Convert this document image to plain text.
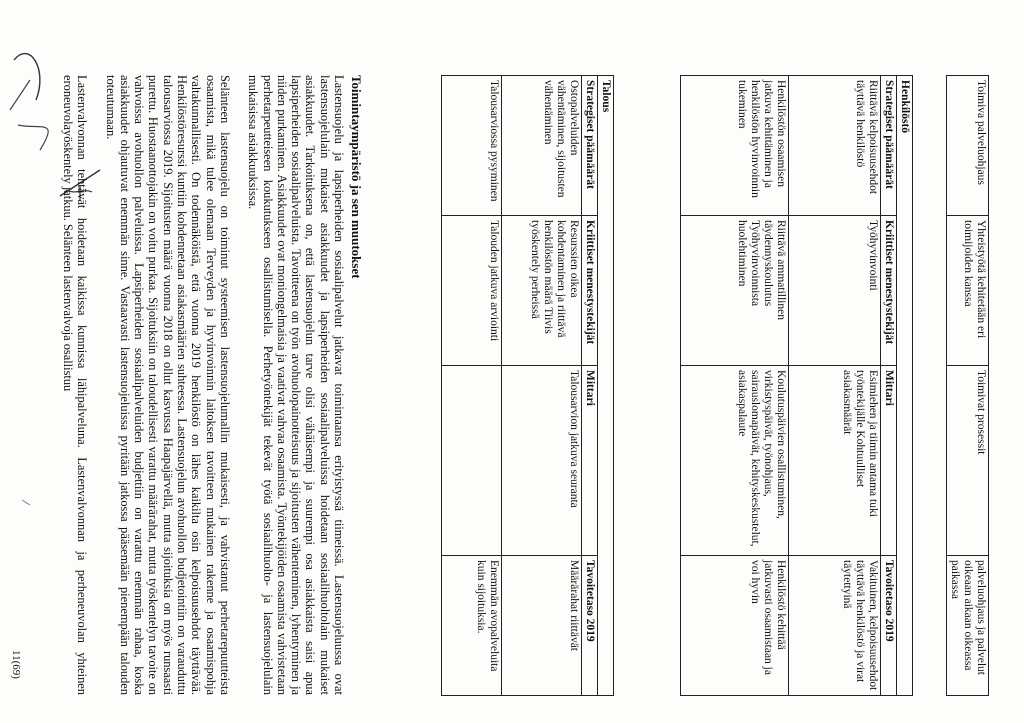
11(69)
Toimiva palveluohjaus	Yhteistyötä kehitetään eri toimijoiden kanssa	Toimivat prosessit	palveluohjaus ja palvelut oikeaan aikaan oikeassa paikassa
Henkilöstö			
Strategiset päämäärät	Kriittiset menestystekijät	Mittari	Tavoitetaso 2019
Riittävä kelpoisuusehdot täyttävä henkilöstö	Työhyvinvointi	Esimiehen ja tiimin antama tuki työntekijälle Kohtuulliset asiakasmäärät	Vakituinen, kelpoisuusehdot täyttävä henkilöstö ja virat täytettyinä
Henkilöstön osaamisen jatkuva kehittäminen ja henkilöstön hyvinvoinnin tukeminen	Riittävä ammatillinen täydennyskoulutus Työhyvinvoinnista huolehtiminen	Koulutuspäivien osallistuminen, virkistyspäivät, työnohjaus, sairauslomapäivät, kehityskeskustelut, asiakaspalaute	Henkilöstö kehittää jatkuvasti osaamistaan ja voi hyvin
Talous			
Strategiset päämäärät	Kriittiset menestystekijät	Mittari	Tavoitetaso 2019
Ostopalveluiden vähentäminen, sijoitusten vähentäminen	Resurssien oikea kohdentaminen ja riittävä henkilöstön määrä Tiivis työskentely perheissä	Talousarvion jatkuva seuranta	Määrärahat riittävät
Talousarviossa pysyminen	Talouden jatkuva arviointi		Enemmän avopalveluita kuin sijoituksia.
Toimintaympäristö ja sen muutokset

Lastensuojelu ja lapsiperheiden sosiaalipalvelut jatkavat toimintaansa erityistyssä tiimeissä. Lastensuojeluussa ovat lastensuojelulain mukaiset asiakkuudet ja lapsiperheiden sosiaalipalveluissa hoidetaan sosiaalihuoltolain mukaiset asiakkuudet. Tarkoituksena on, että lastensuojelun tarve olisi vähäisempi ja suurempi osa asiakkaista saisi apua lapsiperheiden sosiaalipalveluista. Tavoitteena on työn avohuolopainotteisuus ja sijoitusten vähenteminen, lyhentyminen ja niiden purkaminen. Asiakkuudet ovat moniongelmaisia ja vaativat vahvaa osaamista. Työntekijöiden osaamista vahvistetaan perhetarpeutteiseen koukutukseen osallistumisella. Perhetyöntekijät tekevät työtä sosiaalihuolto- ja lastensuojelulain mukaisissa asiakkuuksissa.

Selänteen lastensuojelu on toiminut systeemisen lastensuojelumallin mukaisesti, ja vahvistanut perhetarepuutteista osaamista, mikä tulee olemaan Terveyden ja hyvinvoinnin laitoksen tavoitteen mukainen rakenne ja osaamispohja valtakunnallisesti. On todennäköistä, että vuonna 2019 henkilöstö on lähes kaikilta osin kelpoisuusehdot täyttävää. Henkilöstöresurssi kuntiin kohdennetaan asiakasmäärien suhteessa. Lastensuojelun avohuollon budjetointiin on varauduttu talousarviossa 2019. Sijoitusten määrä vuonna 2018 on ollut kasvussa Haapajärvellä, mutta sijoituksia on myös runsaasti purettu. Huostaanottojakin on voitu purkaa. Sijoituksiin on taloudellisesti varattu määrärahat, mutta työskentelyn tavoite on vahvoissa avohuollon palveluissa. Lapsiperheiden sosiaalipalveluiden budjettiin on varattu enemmän rahaa, koska asiakkuudet ohjautuvat enemmän sinne. Vastaavasti lastensuojeluissa pyritään jatkossa pääsemään pienempään talouden toteutumaan.

Lastenvalvonnan tehtävät hoidetaan kaikissa kunnissa lähipalveluna. Lastenvalvonnan ja perheneuvolan yhteinen eroneuvolayöskentely jatkuu. Selänteen lastenvalvoja osallistuu
